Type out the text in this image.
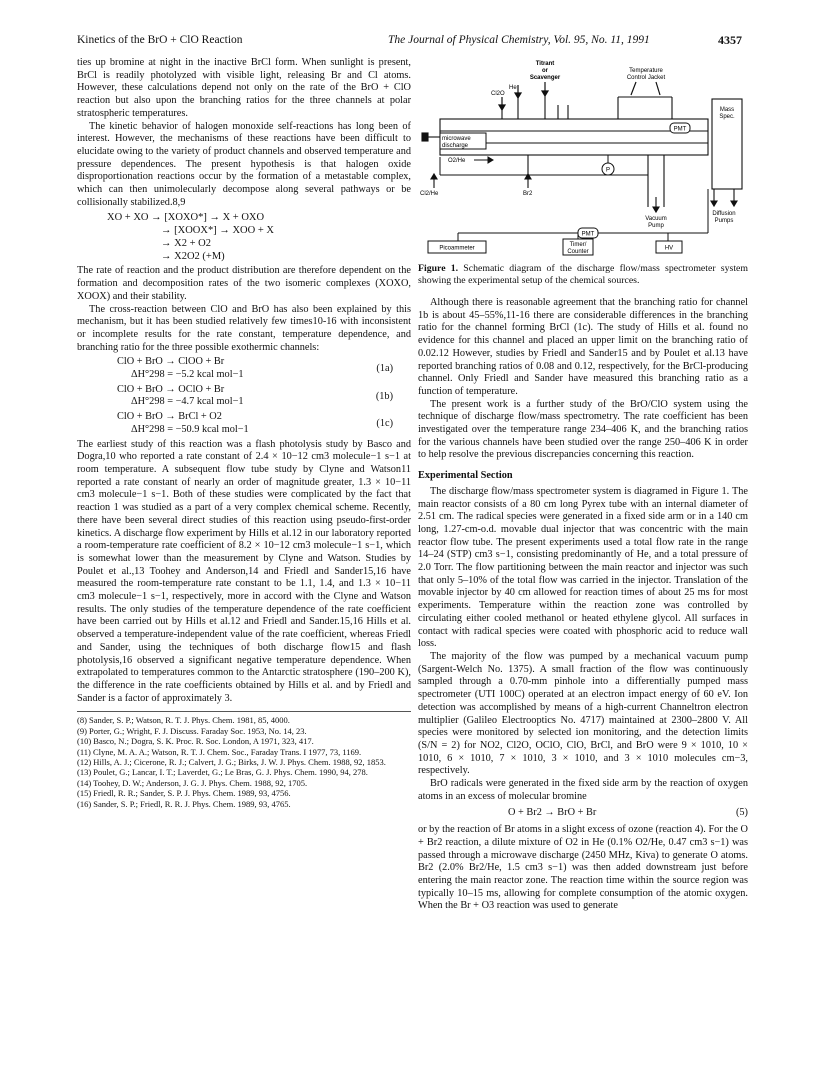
Kinetics of the BrO + ClO Reaction	The Journal of Physical Chemistry, Vol. 95, No. 11, 1991	4357

ties up bromine at night in the inactive BrCl form. When sunlight is present, BrCl is readily photolyzed with visible light, releasing Br and Cl atoms. However, these calculations depend not only on the rate of the BrO + ClO reaction but also upon the branching ratios for the three channels at polar stratospheric temperatures.

The kinetic behavior of halogen monoxide self-reactions has long been of interest. However, the mechanisms of these reactions have been difficult to elucidate owing to the variety of product channels and observed temperature and pressure dependences. The present hypothesis is that halogen oxide disproportionation reactions occur by the formation of a metastable complex, which can then unimolecularly decompose along several pathways or be collisionally stabilized.8,9

XO + XO → [XOXO*] → X + OXO
→ [XOOX*] → XOO + X
→ X2 + O2
→ X2O2 (+M)

The rate of reaction and the product distribution are therefore dependent on the formation and decomposition rates of the two isomeric complexes (XOXO, XOOX) and their stability.

The cross-reaction between ClO and BrO has also been explained by this mechanism, but it has been studied relatively few times10-16 with inconsistent or incomplete results for the rate constant, temperature dependence, and branching ratio for the three possible exothermic channels:

ClO + BrO → ClOO + Br
ΔH°298 = −5.2 kcal mol−1
(1a)
ClO + BrO → OClO + Br
ΔH°298 = −4.7 kcal mol−1
(1b)
ClO + BrO → BrCl + O2
ΔH°298 = −50.9 kcal mol−1
(1c)

The earliest study of this reaction was a flash photolysis study by Basco and Dogra,10 who reported a rate constant of 2.4 × 10−12 cm3 molecule−1 s−1 at room temperature. A subsequent flow tube study by Clyne and Watson11 reported a rate constant of nearly an order of magnitude greater, 1.3 × 10−11 cm3 molecule−1 s−1. Both of these studies were complicated by the fact that reaction 1 was studied as a part of a very complex chemical scheme. Recently, there have been several direct studies of this reaction using pseudo-first-order kinetics. A discharge flow experiment by Hills et al.12 in our laboratory reported a room-temperature rate coefficient of 8.2 × 10−12 cm3 molecule−1 s−1, which is somewhat lower than the measurement by Clyne and Watson. Studies by Poulet et al.,13 Toohey and Anderson,14 and Friedl and Sander15,16 have measured the room-temperature rate constant to be 1.1, 1.4, and 1.3 × 10−11 cm3 molecule−1 s−1, respectively, more in accord with the Clyne and Watson results. The only studies of the temperature dependence of the rate coefficient have been carried out by Hills et al.12 and Friedl and Sander.15,16 Hills et al. observed a temperature-independent value of the rate coefficient, whereas Friedl and Sander, using the techniques of both discharge flow15 and flash photolysis,16 observed a significant negative temperature dependence. When extrapolated to temperatures common to the Antarctic stratosphere (190–200 K), the difference in the rate coefficients obtained by Hills et al. and by Friedl and Sander is a factor of approximately 3.

(8) Sander, S. P.; Watson, R. T. J. Phys. Chem. 1981, 85, 4000.
(9) Porter, G.; Wright, F. J. Discuss. Faraday Soc. 1953, No. 14, 23.
(10) Basco, N.; Dogra, S. K. Proc. R. Soc. London, A 1971, 323, 417.
(11) Clyne, M. A. A.; Watson, R. T. J. Chem. Soc., Faraday Trans. I 1977, 73, 1169.
(12) Hills, A. J.; Cicerone, R. J.; Calvert, J. G.; Birks, J. W. J. Phys. Chem. 1988, 92, 1853.
(13) Poulet, G.; Lancar, I. T.; Laverdet, G.; Le Bras, G. J. Phys. Chem. 1990, 94, 278.
(14) Toohey, D. W.; Anderson, J. G. J. Phys. Chem. 1988, 92, 1705.
(15) Friedl, R. R.; Sander, S. P. J. Phys. Chem. 1989, 93, 4756.
(16) Sander, S. P.; Friedl, R. R. J. Phys. Chem. 1989, 93, 4765.
Titrant
or
Scavenger
Temperature
Control Jacket
Cl2O
He
Mass
Spec.
PMT
microwave
discharge
O2/He
P
Cl2/He	Br2
Vacuum
Pump
Diffusion
Pumps
PMT
Picoammeter
Timer/
Counter
HV
Figure 1. Schematic diagram of the discharge flow/mass spectrometer system showing the experimental setup of the chemical sources.

Although there is reasonable agreement that the branching ratio for channel 1b is about 45–55%,11-16 there are considerable differences in the branching ratio for the channel forming BrCl (1c). The study of Hills et al. found no evidence for this channel and placed an upper limit on the branching ratio of 0.02.12 However, studies by Friedl and Sander15 and by Poulet et al.13 have reported branching ratios of 0.08 and 0.12, respectively, for the BrCl-producing channel. Only Friedl and Sander have measured this branching ratio as a function of temperature.

The present work is a further study of the BrO/ClO system using the technique of discharge flow/mass spectrometry. The rate coefficient has been investigated over the temperature range 234–406 K, and the branching ratios for the various channels have been studied over the range 250–406 K in order to help resolve the previous discrepancies concerning this reaction.

Experimental Section

The discharge flow/mass spectrometer system is diagramed in Figure 1. The main reactor consists of a 80 cm long Pyrex tube with an internal diameter of 2.51 cm. The radical species were generated in a fixed side arm or in a 140 cm long, 1.27-cm-o.d. movable dual injector that was concentric with the main reactor flow tube. The present experiments used a total flow rate in the range 14–24 (STP) cm3 s−1, consisting predominantly of He, and a total pressure of 2.0 Torr. The flow partitioning between the main reactor and injector was such that only 5–10% of the total flow was carried in the injector. Translation of the movable injector by 40 cm allowed for reaction times of about 25 ms for most experiments. Temperature within the reaction zone was controlled by circulating either cooled methanol or heated ethylene glycol. All surfaces in contact with radical species were coated with phosphoric acid to reduce wall loss.

The majority of the flow was pumped by a mechanical vacuum pump (Sargent-Welch No. 1375). A small fraction of the flow was continuously sampled through a 0.70-mm pinhole into a differentially pumped mass spectrometer (UTI 100C) operated at an electron impact energy of 60 eV. Ion detection was accomplished by means of a high-current Channeltron electron multiplier (Galileo Electrooptics No. 4717) maintained at 2300–2800 V. All species were monitored by selected ion monitoring, and the detection limits (S/N = 2) for NO2, Cl2O, OClO, ClO, BrCl, and BrO were 9 × 1010, 10 × 1010, 6 × 1010, 7 × 1010, 3 × 1010, and 3 × 1010 molecules cm−3, respectively.

BrO radicals were generated in the fixed side arm by the reaction of oxygen atoms in an excess of molecular bromine

O + Br2 → BrO + Br	(5)

or by the reaction of Br atoms in a slight excess of ozone (reaction 4). For the O + Br2 reaction, a dilute mixture of O2 in He (0.1% O2/He, 0.47 cm3 s−1) was passed through a microwave discharge (2450 MHz, Kiva) to generate O atoms. Br2 (2.0% Br2/He, 1.5 cm3 s−1) was then added downstream just before entering the main reactor zone. The reaction time within the source region was typically 10–15 ms, allowing for complete consumption of the atomic oxygen. When the Br + O3 reaction was used to generate
